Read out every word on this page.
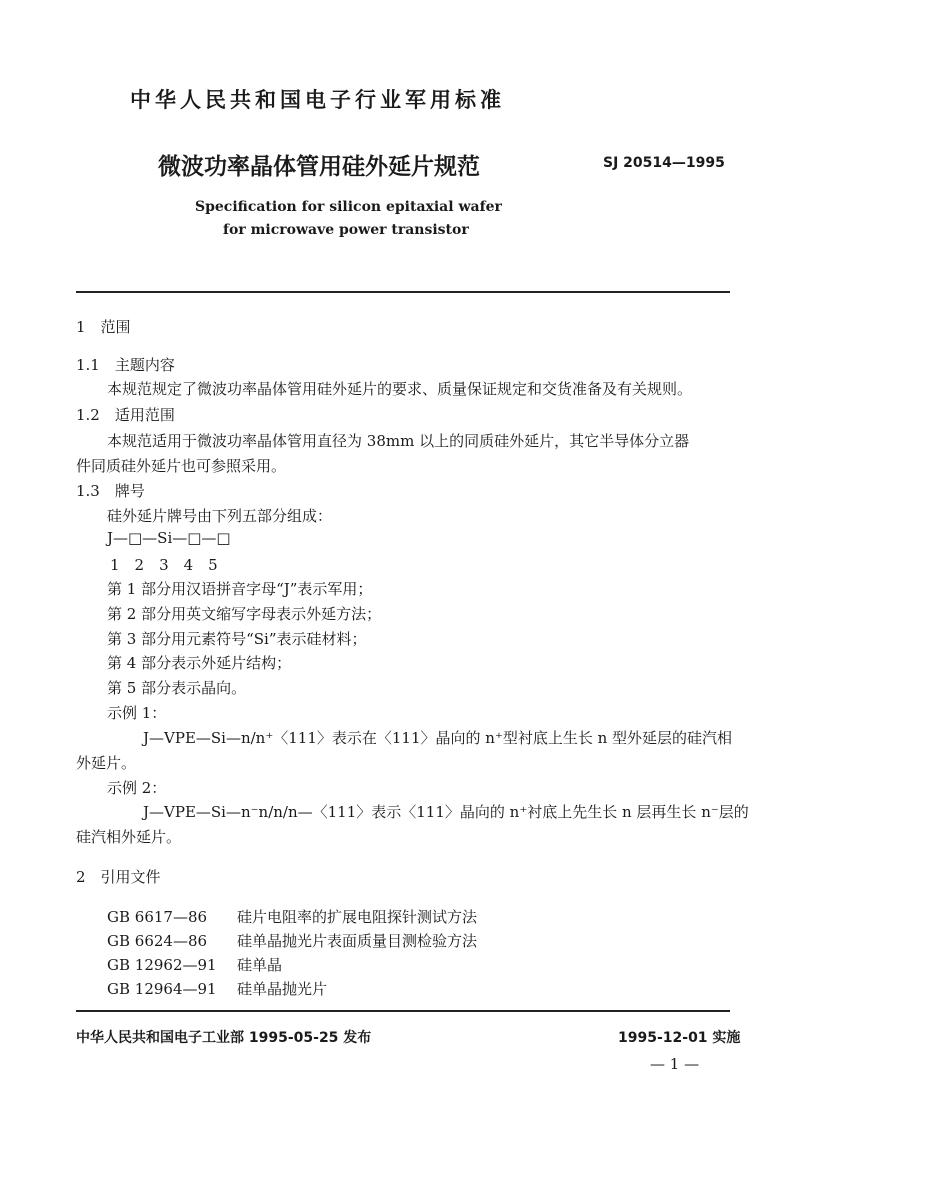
中华人民共和国电子行业军用标准
微波功率晶体管用硅外延片规范	SJ 20514—1995
Specification for silicon epitaxial wafer
for microwave power transistor
1　范围
1.1　主题内容
本规范规定了微波功率晶体管用硅外延片的要求、质量保证规定和交货准备及有关规则。
1.2　适用范围
本规范适用于微波功率晶体管用直径为 38mm 以上的同质硅外延片，其它半导体分立器
件同质硅外延片也可参照采用。
1.3　牌号
硅外延片牌号由下列五部分组成：
J—□—Si—□—□
1　2　3　4　5
第 1 部分用汉语拼音字母“J”表示军用；
第 2 部分用英文缩写字母表示外延方法；
第 3 部分用元素符号“Si”表示硅材料；
第 4 部分表示外延片结构；
第 5 部分表示晶向。
示例 1：
J—VPE—Si—n/n⁺〈111〉表示在〈111〉晶向的 n⁺型衬底上生长 n 型外延层的硅汽相
外延片。
示例 2：
J—VPE—Si—n⁻n/n/n—〈111〉表示〈111〉晶向的 n⁺衬底上先生长 n 层再生长 n⁻层的
硅汽相外延片。
2　引用文件
GB 6617—86 硅片电阻率的扩展电阻探针测试方法
GB 6624—86 硅单晶抛光片表面质量目测检验方法
GB 12962—91 硅单晶
GB 12964—91 硅单晶抛光片
中华人民共和国电子工业部 1995-05-25 发布	1995-12-01 实施
— 1 —
